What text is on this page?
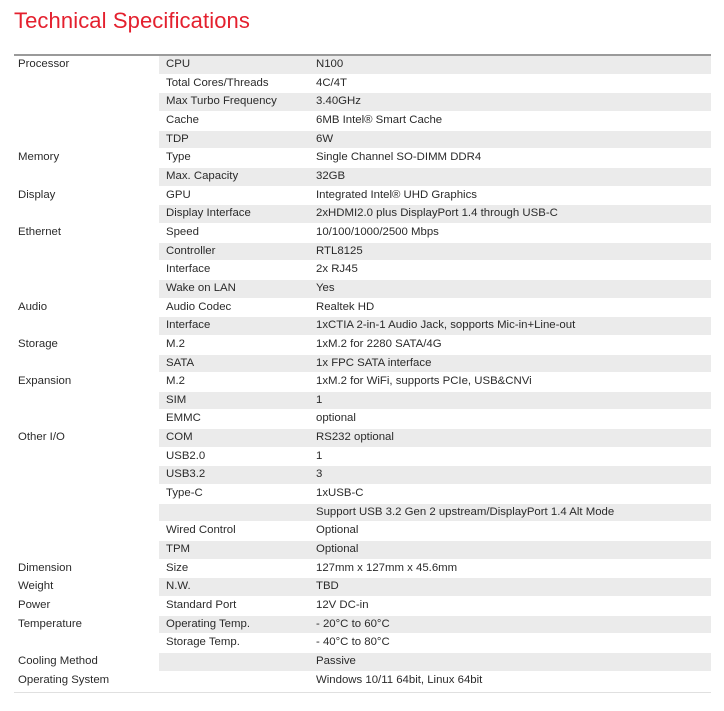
Technical Specifications
Processor	CPU	N100
	Total Cores/Threads	4C/4T
	Max Turbo Frequency	3.40GHz
	Cache	6MB Intel® Smart Cache
	TDP	6W
Memory	Type	Single Channel SO-DIMM DDR4
	Max. Capacity	32GB
Display	GPU	Integrated Intel® UHD Graphics
	Display Interface	2xHDMI2.0 plus DisplayPort 1.4 through USB-C
Ethernet	Speed	10/100/1000/2500 Mbps
	Controller	RTL8125
	Interface	2x RJ45
	Wake on LAN	Yes
Audio	Audio Codec	Realtek HD
	Interface	1xCTIA 2-in-1 Audio Jack, sopports Mic-in+Line-out
Storage	M.2	1xM.2 for 2280 SATA/4G
	SATA	1x FPC SATA interface
Expansion	M.2	1xM.2 for WiFi, supports PCIe, USB&CNVi
	SIM	1
	EMMC	optional
Other I/O	COM	RS232 optional
	USB2.0	1
	USB3.2	3
	Type-C	1xUSB-C
		Support USB 3.2 Gen 2 upstream/DisplayPort 1.4 Alt Mode
	Wired Control	Optional
	TPM	Optional
Dimension	Size	127mm x 127mm x 45.6mm
Weight	N.W.	TBD
Power	Standard Port	12V DC-in
Temperature	Operating Temp.	- 20°C to 60°C
	Storage Temp.	- 40°C to 80°C
Cooling Method		Passive
Operating System		Windows 10/11 64bit, Linux 64bit
